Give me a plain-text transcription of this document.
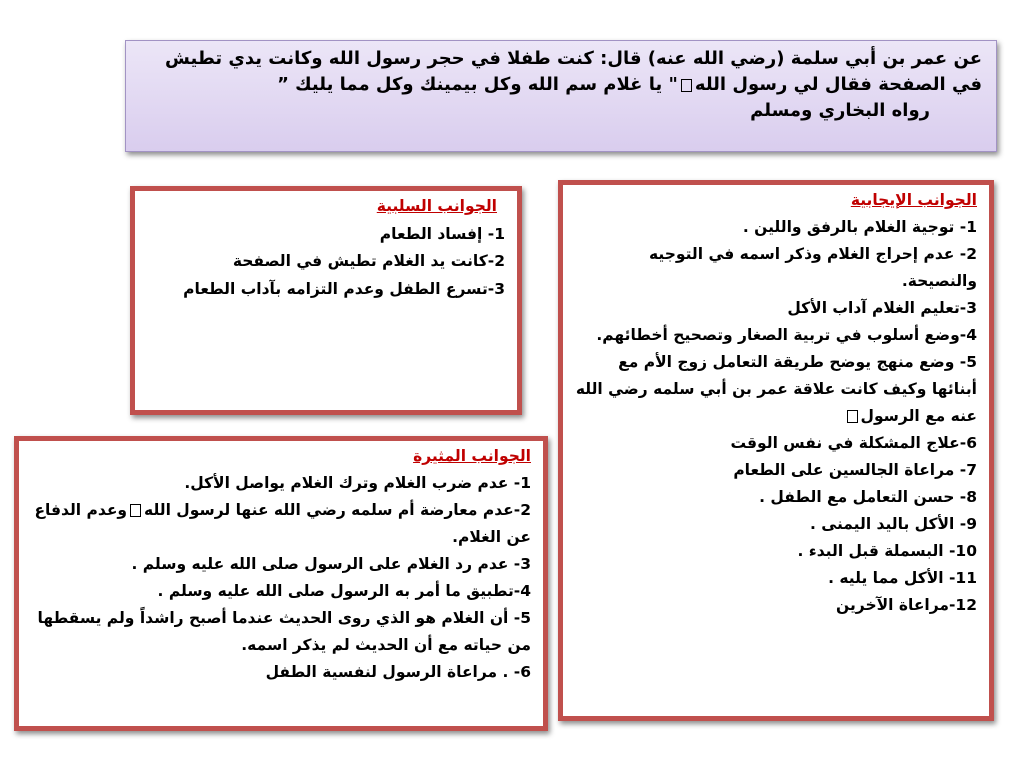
عن عمر بن أبي سلمة (رضي الله عنه) قال: كنت طفلا في حجر رسول الله وكانت يدي تطيش
في الصفحة فقال لي رسول الله" يا غلام سم الله وكل بيمينك وكل مما يليك ”
رواه البخاري ومسلم
الجوانب الإيجابية
1- توجية الغلام بالرفق واللين .
2- عدم إحراج الغلام وذكر اسمه في التوجيه والنصيحة.
3-تعليم الغلام آداب الأكل
4-وضع أسلوب في تربية الصغار وتصحيح أخطائهم.
5- وضع منهج يوضح طريقة التعامل زوج الأم مع أبنائها وكيف كانت علاقة عمر بن أبي سلمه رضي الله عنه مع الرسول
6-علاج المشكلة في نفس الوقت
7- مراعاة الجالسين على الطعام
8- حسن التعامل مع الطفل .
9- الأكل باليد اليمنى .
10- البسملة قبل البدء .
11- الأكل مما يليه .
12-مراعاة الآخرين
الجوانب السلبية
1- إفساد الطعام
2-كانت يد الغلام تطيش في الصفحة
3-تسرع الطفل وعدم التزامه بآداب الطعام
الجوانب المثيرة
1- عدم ضرب الغلام وترك الغلام يواصل الأكل.
2-عدم معارضة أم سلمه رضي الله عنها لرسول اللهوعدم الدفاع عن الغلام.
3- عدم رد الغلام على الرسول صلى الله عليه وسلم .
4-تطبيق ما أمر به الرسول صلى الله عليه وسلم .
5- أن الغلام هو الذي روى الحديث عندما أصبح راشداً ولم يسقطها من حياته مع أن الحديث لم يذكر اسمه.
6- . مراعاة الرسول لنفسية الطفل
